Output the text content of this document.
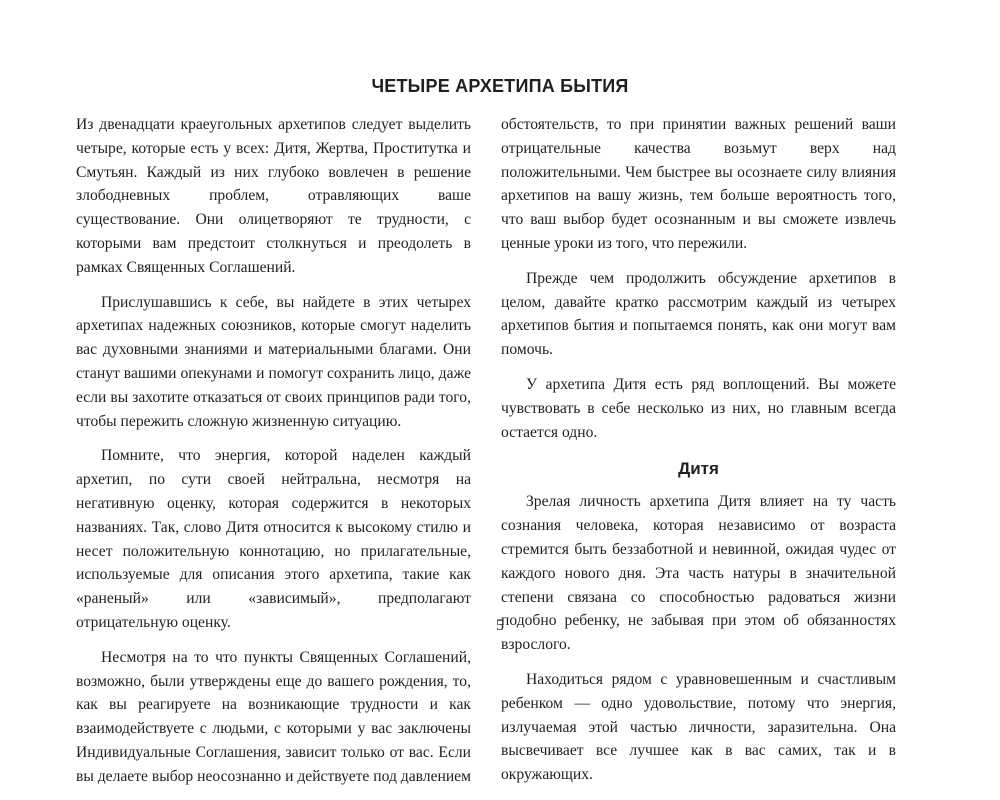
ЧЕТЫРЕ АРХЕТИПА БЫТИЯ

Из двенадцати краеугольных архетипов следует выделить четыре, которые есть у всех: Дитя, Жертва, Проститутка и Смутьян. Каждый из них глубоко вовлечен в решение злободневных проблем, отравляющих ваше существование. Они олицетворяют те трудности, с которыми вам предстоит столкнуться и преодолеть в рамках Священных Соглашений.

Прислушавшись к себе, вы найдете в этих четырех архетипах надежных союзников, которые смогут наделить вас духовными знаниями и материальными благами. Они станут вашими опекунами и помогут сохранить лицо, даже если вы захотите отказаться от своих принципов ради того, чтобы пережить сложную жизненную ситуацию.

Помните, что энергия, которой наделен каждый архетип, по сути своей нейтральна, несмотря на негативную оценку, которая содержится в некоторых названиях. Так, слово Дитя относится к высокому стилю и несет положительную коннотацию, но прилагательные, используемые для описания этого архетипа, такие как «раненый» или «зависимый», предполагают отрицательную оценку.

Несмотря на то что пункты Священных Соглашений, возможно, были утверждены еще до вашего рождения, то, как вы реагируете на возникающие трудности и как взаимодействуете с людьми, с которыми у вас заключены Индивидуальные Соглашения, зависит только от вас. Если вы делаете выбор неосознанно и действуете под давлением

обстоятельств, то при принятии важных решений ваши отрицательные качества возьмут верх над положительными. Чем быстрее вы осознаете силу влияния архетипов на вашу жизнь, тем больше вероятность того, что ваш выбор будет осознанным и вы сможете извлечь ценные уроки из того, что пережили.

Прежде чем продолжить обсуждение архетипов в целом, давайте кратко рассмотрим каждый из четырех архетипов бытия и попытаемся понять, как они могут вам помочь.

У архетипа Дитя есть ряд воплощений. Вы можете чувствовать в себе несколько из них, но главным всегда остается одно.

Дитя

Зрелая личность архетипа Дитя влияет на ту часть сознания человека, которая независимо от возраста стремится быть беззаботной и невинной, ожидая чудес от каждого нового дня. Эта часть натуры в значительной степени связана со способностью радоваться жизни подобно ребенку, не забывая при этом об обязанностях взрослого.

Находиться рядом с уравновешенным и счастливым ребенком — одно удовольствие, потому что энергия, излучаемая этой частью личности, заразительна. Она высвечивает все лучшее как в вас самих, так и в окружающих.

5
